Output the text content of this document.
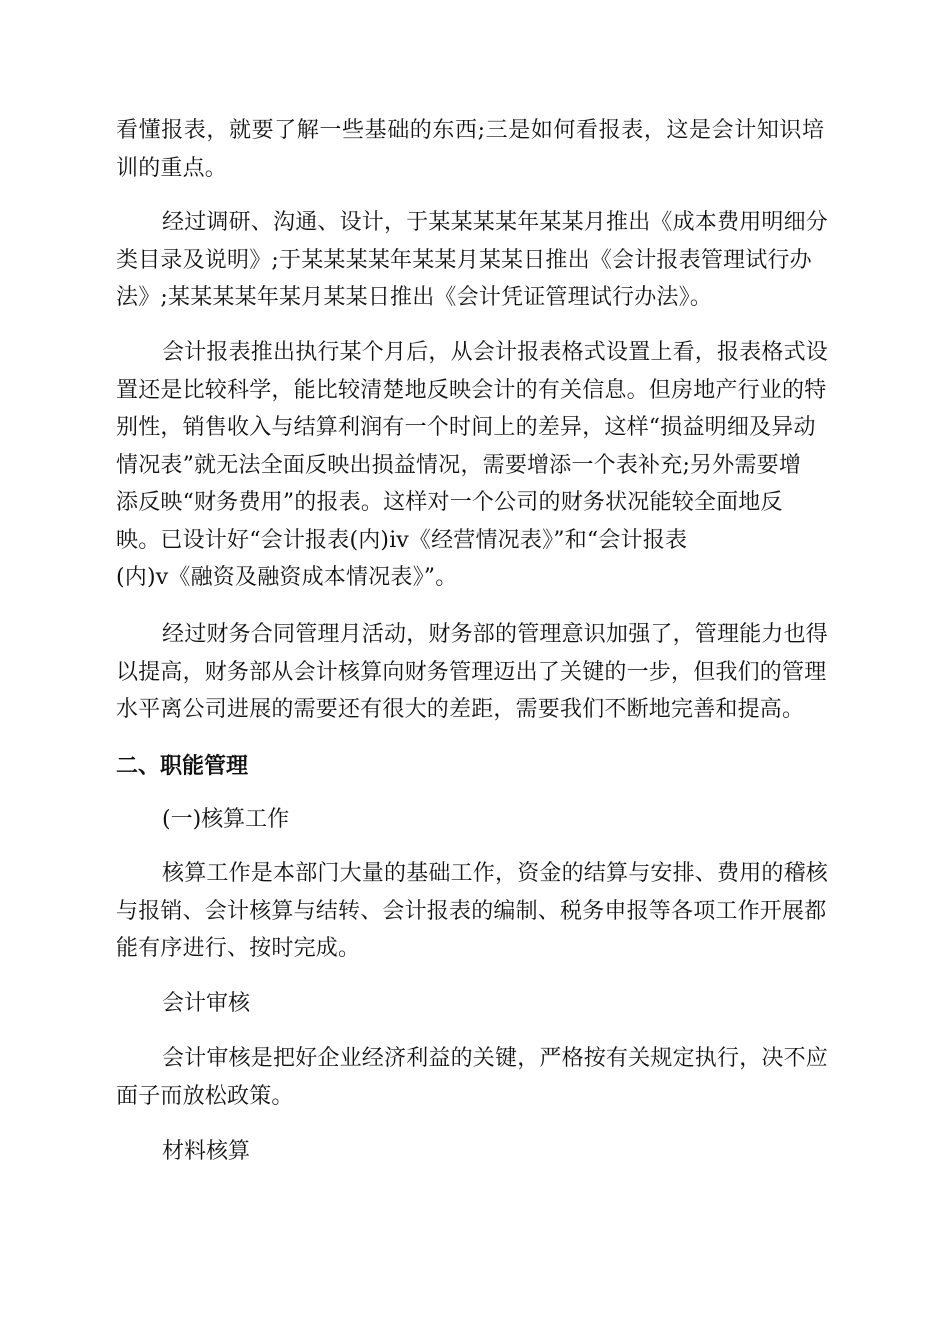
看懂报表，就要了解一些基础的东西;三是如何看报表，这是会计知识培
训的重点。

经过调研、沟通、设计，于某某某某年某某月推出《成本费用明细分
类目录及说明》;于某某某某年某某月某某日推出《会计报表管理试行办
法》;某某某某年某月某某日推出《会计凭证管理试行办法》。

会计报表推出执行某个月后，从会计报表格式设置上看，报表格式设
置还是比较科学，能比较清楚地反映会计的有关信息。但房地产行业的特
别性，销售收入与结算利润有一个时间上的差异，这样“损益明细及异动
情况表”就无法全面反映出损益情况，需要增添一个表补充;另外需要增
添反映“财务费用”的报表。这样对一个公司的财务状况能较全面地反
映。已设计好“会计报表(内)ⅳ《经营情况表》”和“会计报表
(内)ⅴ《融资及融资成本情况表》”。

经过财务合同管理月活动，财务部的管理意识加强了，管理能力也得
以提高，财务部从会计核算向财务管理迈出了关键的一步，但我们的管理
水平离公司进展的需要还有很大的差距，需要我们不断地完善和提高。

二、职能管理

(一)核算工作

核算工作是本部门大量的基础工作，资金的结算与安排、费用的稽核
与报销、会计核算与结转、会计报表的编制、税务申报等各项工作开展都
能有序进行、按时完成。

会计审核

会计审核是把好企业经济利益的关键，严格按有关规定执行，决不应
面子而放松政策。

材料核算
